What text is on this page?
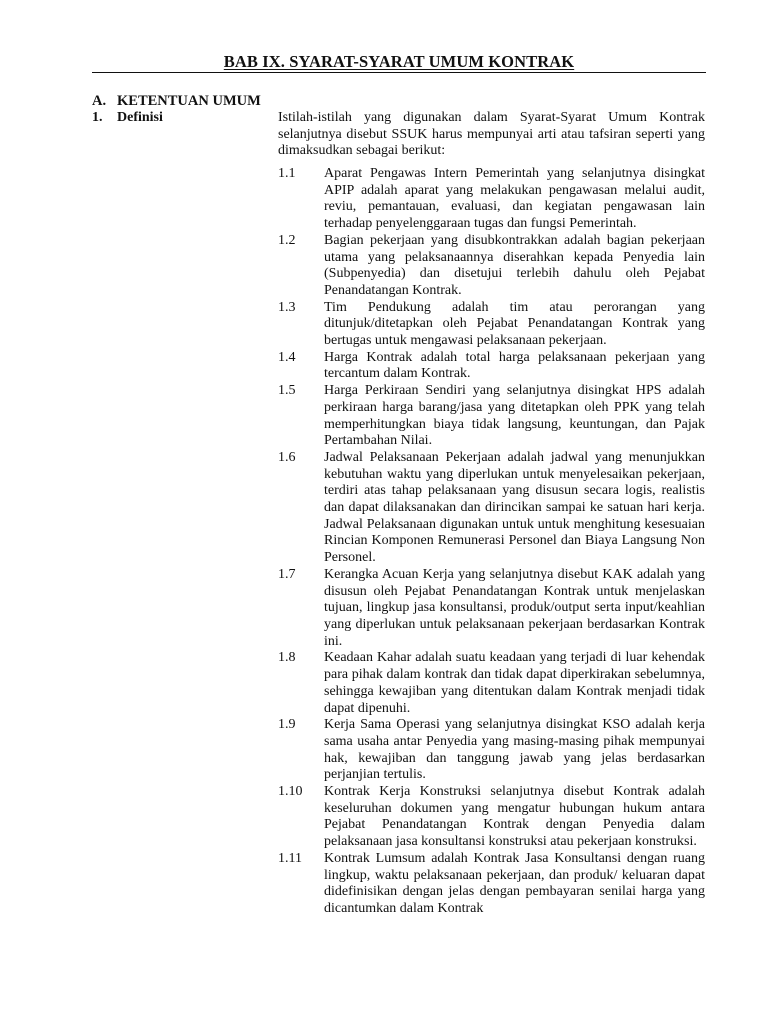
BAB IX. SYARAT-SYARAT UMUM KONTRAK
A. KETENTUAN UMUM
1. Definisi	Istilah-istilah yang digunakan dalam Syarat-Syarat Umum Kontrak selanjutnya disebut SSUK harus mempunyai arti atau tafsiran seperti yang dimaksudkan sebagai berikut:
1.1	Aparat Pengawas Intern Pemerintah yang selanjutnya disingkat APIP adalah aparat yang melakukan pengawasan melalui audit, reviu, pemantauan, evaluasi, dan kegiatan pengawasan lain terhadap penyelenggaraan tugas dan fungsi Pemerintah.
1.2	Bagian pekerjaan yang disubkontrakkan adalah bagian pekerjaan utama yang pelaksanaannya diserahkan kepada Penyedia lain (Subpenyedia) dan disetujui terlebih dahulu oleh Pejabat Penandatangan Kontrak.
1.3	Tim Pendukung adalah tim atau perorangan yang ditunjuk/ditetapkan oleh Pejabat Penandatangan Kontrak yang bertugas untuk mengawasi pelaksanaan pekerjaan.
1.4	Harga Kontrak adalah total harga pelaksanaan pekerjaan yang tercantum dalam Kontrak.
1.5	Harga Perkiraan Sendiri yang selanjutnya disingkat HPS adalah perkiraan harga barang/jasa yang ditetapkan oleh PPK yang telah memperhitungkan biaya tidak langsung, keuntungan, dan Pajak Pertambahan Nilai.
1.6	Jadwal Pelaksanaan Pekerjaan adalah jadwal yang menunjukkan kebutuhan waktu yang diperlukan untuk menyelesaikan pekerjaan, terdiri atas tahap pelaksanaan yang disusun secara logis, realistis dan dapat dilaksanakan dan dirincikan sampai ke satuan hari kerja. Jadwal Pelaksanaan digunakan untuk untuk menghitung kesesuaian Rincian Komponen Remunerasi Personel dan Biaya Langsung Non Personel.
1.7	Kerangka Acuan Kerja yang selanjutnya disebut KAK adalah yang disusun oleh Pejabat Penandatangan Kontrak untuk menjelaskan tujuan, lingkup jasa konsultansi, produk/output serta input/keahlian yang diperlukan untuk pelaksanaan pekerjaan berdasarkan Kontrak ini.
1.8	Keadaan Kahar adalah suatu keadaan yang terjadi di luar kehendak para pihak dalam kontrak dan tidak dapat diperkirakan sebelumnya, sehingga kewajiban yang ditentukan dalam Kontrak menjadi tidak dapat dipenuhi.
1.9	Kerja Sama Operasi yang selanjutnya disingkat KSO adalah kerja sama usaha antar Penyedia yang masing-masing pihak mempunyai hak, kewajiban dan tanggung jawab yang jelas berdasarkan perjanjian tertulis.
1.10	Kontrak Kerja Konstruksi selanjutnya disebut Kontrak adalah keseluruhan dokumen yang mengatur hubungan hukum antara Pejabat Penandatangan Kontrak dengan Penyedia dalam pelaksanaan jasa konsultansi konstruksi atau pekerjaan konstruksi.
1.11	Kontrak Lumsum adalah Kontrak Jasa Konsultansi dengan ruang lingkup, waktu pelaksanaan pekerjaan, dan produk/ keluaran dapat didefinisikan dengan jelas dengan pembayaran senilai harga yang dicantumkan dalam Kontrak
